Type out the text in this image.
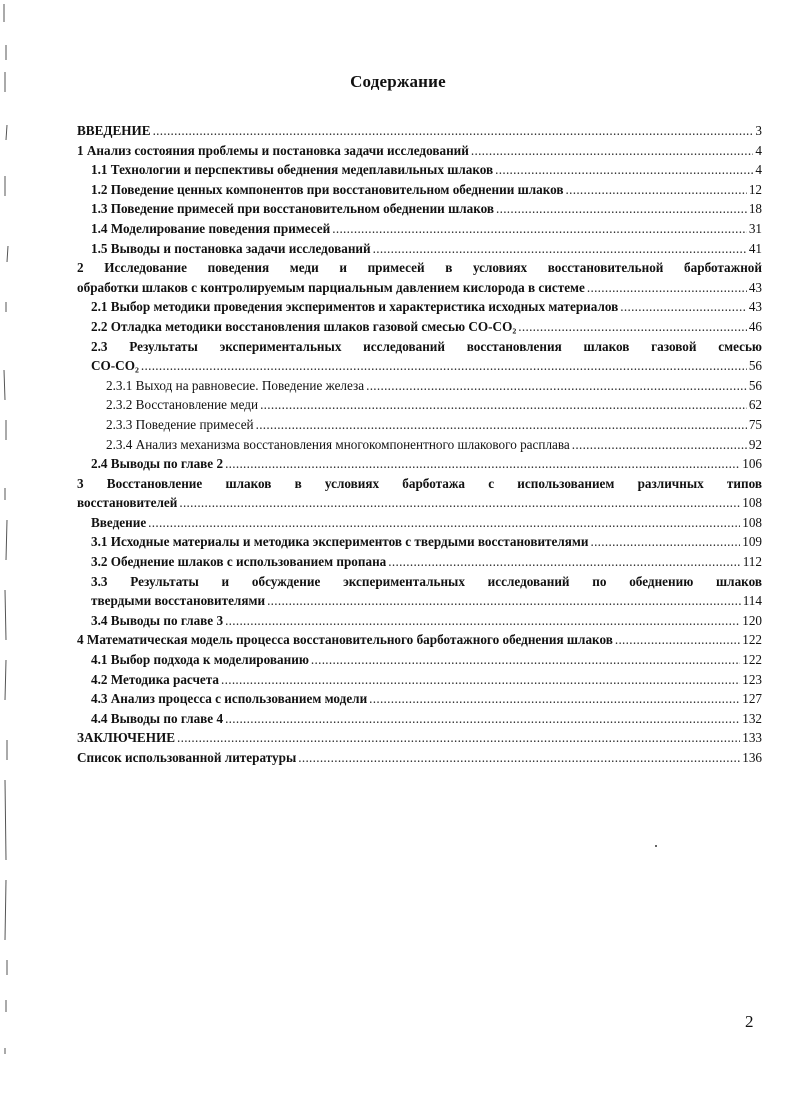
Содержание
ВВЕДЕНИЕ .....	3
1 Анализ состояния проблемы и постановка задачи исследований .....	4
1.1 Технологии и перспективы обеднения медеплавильных шлаков .....	4
1.2 Поведение ценных компонентов при восстановительном обеднении шлаков .....	12
1.3 Поведение примесей при восстановительном обеднении шлаков .....	18
1.4 Моделирование поведения примесей .....	31
1.5 Выводы и постановка задачи исследований .....	41
2 Исследование поведения меди и примесей в условиях восстановительной барботажной
обработки шлаков с контролируемым парциальным давлением кислорода в системе .....	43
2.1 Выбор методики проведения экспериментов и характеристика исходных материалов .....	43
2.2 Отладка методики восстановления шлаков газовой смесью CO-CO₂ .....	46
2.3 Результаты экспериментальных исследований восстановления шлаков газовой смесью
CO-CO₂ .....	56
2.3.1 Выход на равновесие. Поведение железа .....	56
2.3.2 Восстановление меди .....	62
2.3.3 Поведение примесей .....	75
2.3.4 Анализ механизма восстановления многокомпонентного шлакового расплава .....	92
2.4 Выводы по главе 2 .....	106
3 Восстановление шлаков в условиях барботажа с использованием различных типов
восстановителей .....	108
Введение .....	108
3.1 Исходные материалы и методика экспериментов с твердыми восстановителями .....	109
3.2 Обеднение шлаков с использованием пропана .....	112
3.3 Результаты и обсуждение экспериментальных исследований по обеднению шлаков
твердыми восстановителями .....	114
3.4 Выводы по главе 3 .....	120
4 Математическая модель процесса восстановительного барботажного обеднения шлаков .....	122
4.1 Выбор подхода к моделированию .....	122
4.2 Методика расчета .....	123
4.3 Анализ процесса с использованием модели .....	127
4.4 Выводы по главе 4 .....	132
ЗАКЛЮЧЕНИЕ .....	133
Список использованной литературы .....	136
2
